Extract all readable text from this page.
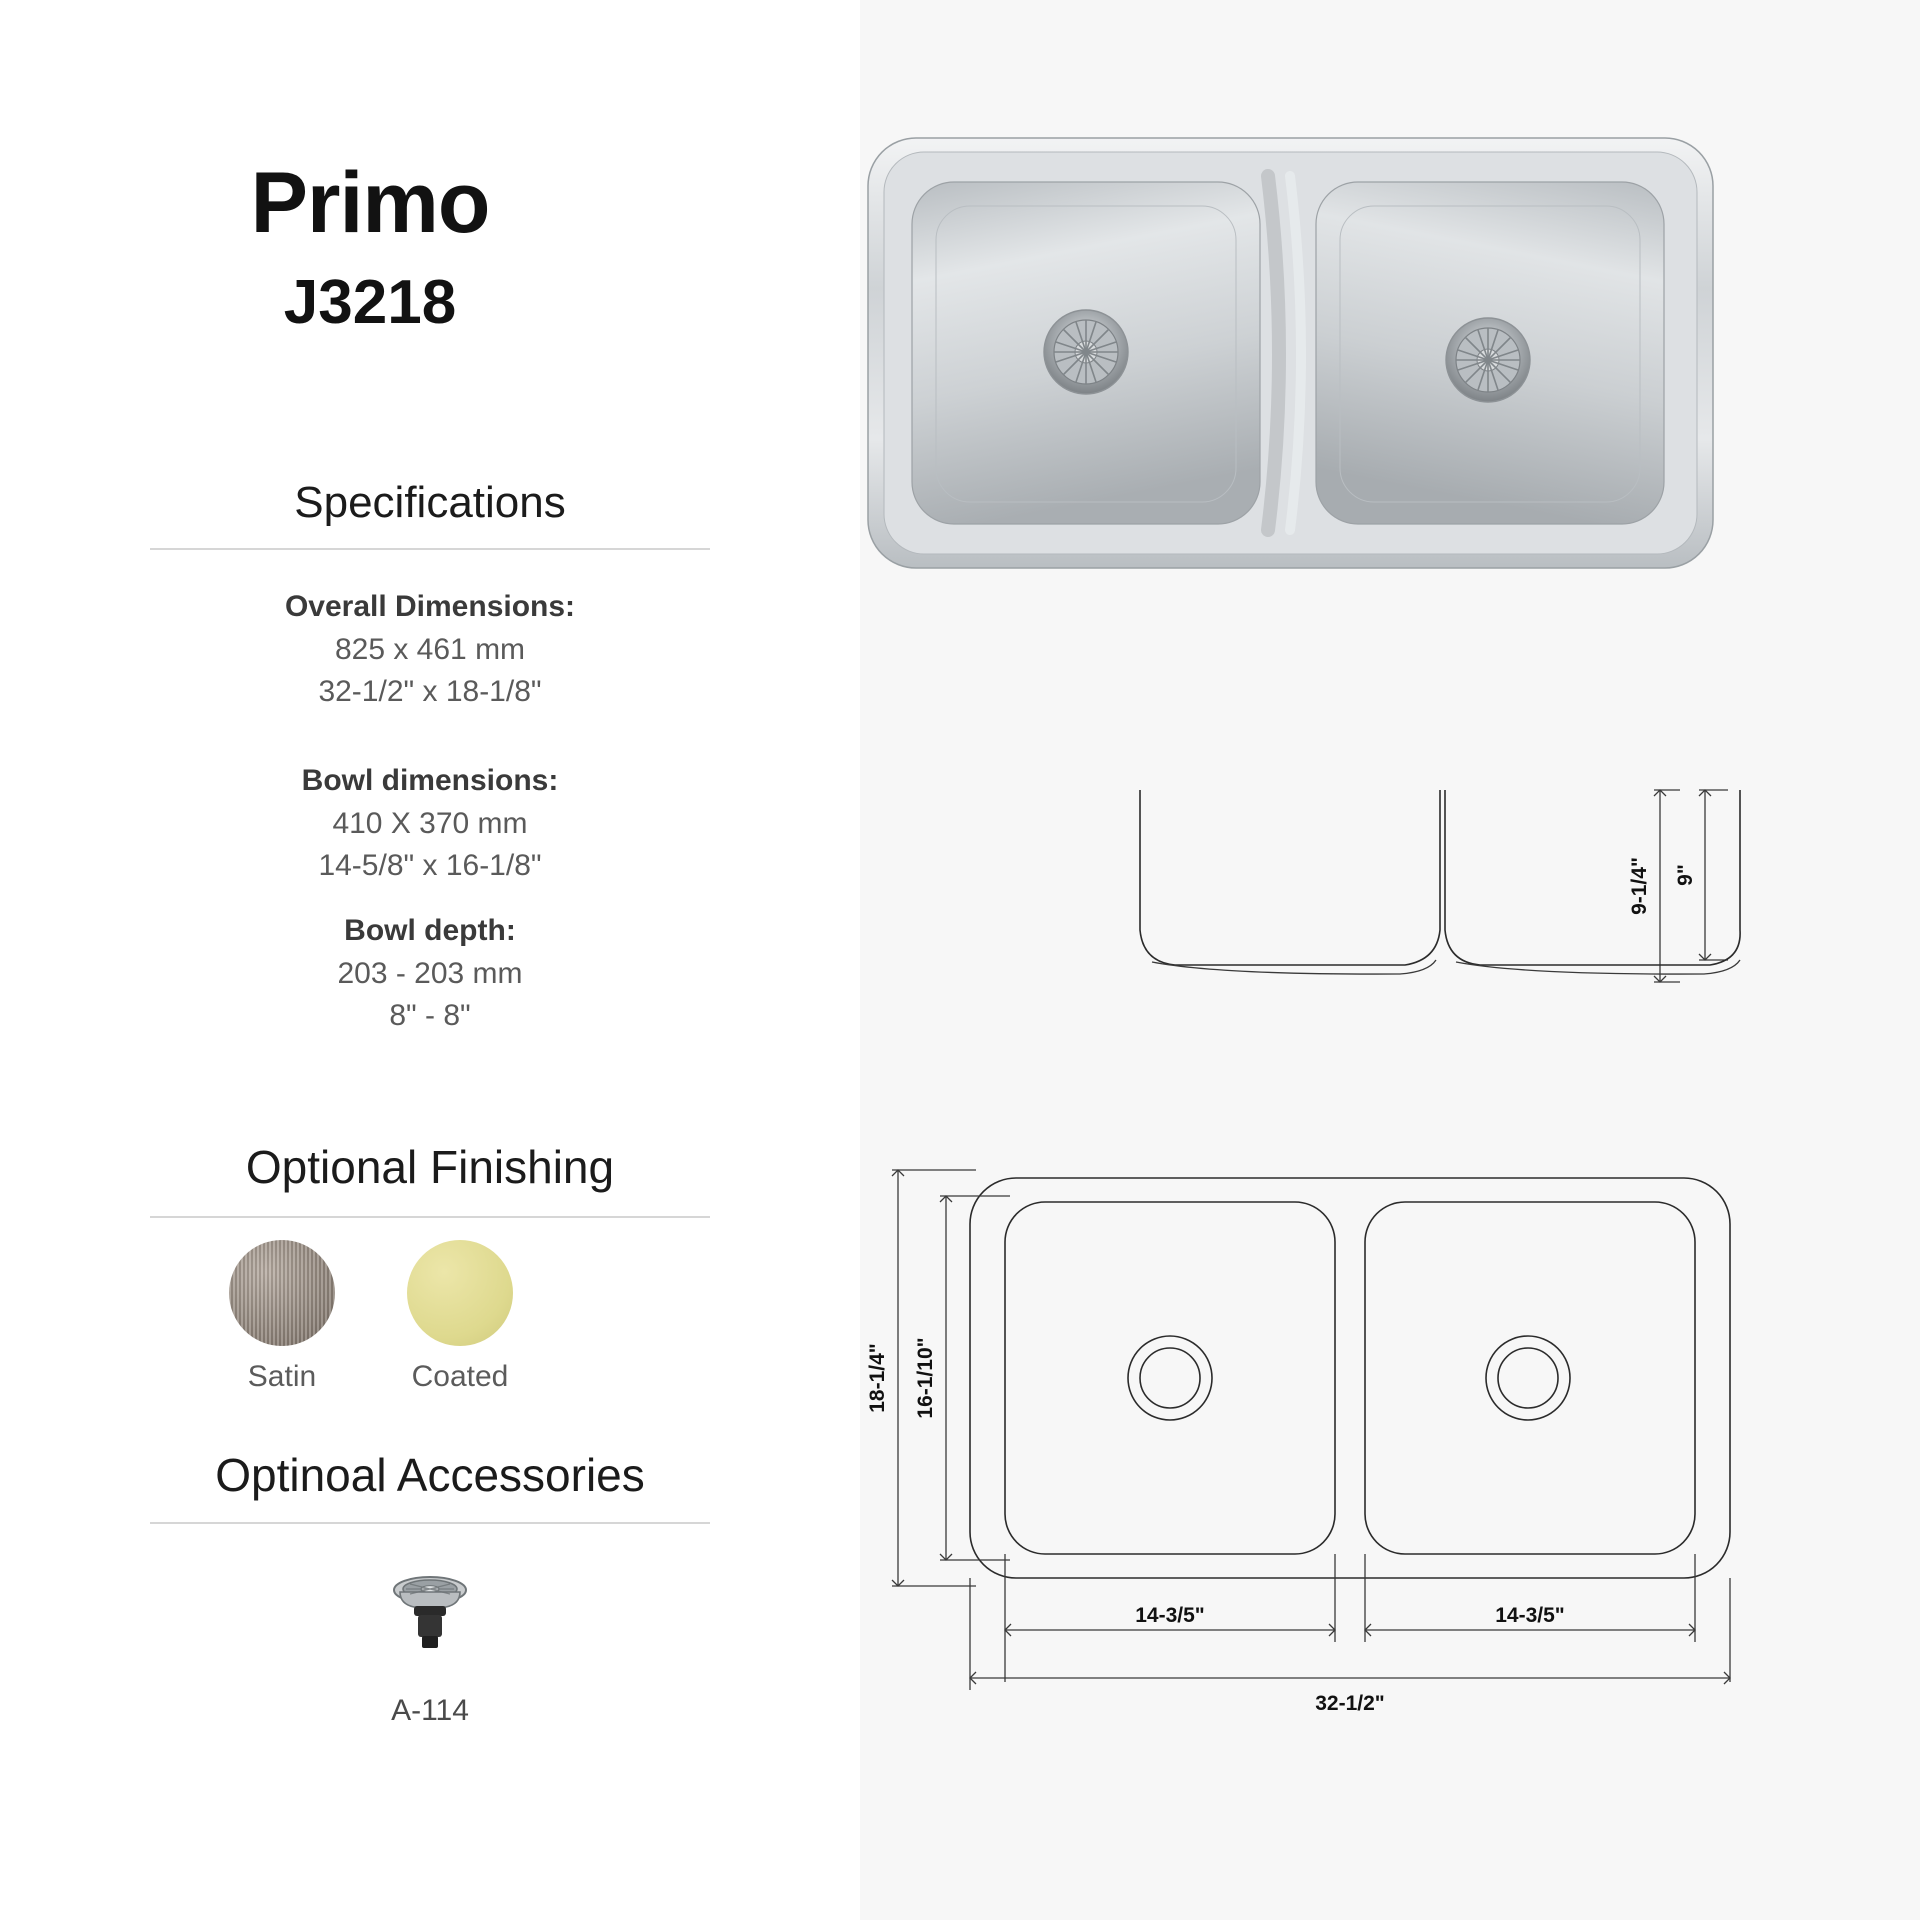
Primo
J3218
Specifications
Overall Dimensions:
825 x 461 mm
32-1/2" x 18-1/8"
Bowl dimensions:
410 X 370 mm
14-5/8" x 16-1/8"
Bowl depth:
203 - 203 mm
8" - 8"
Optional Finishing
Satin	Coated
Optinoal Accessories
A-114
9-1/4" 9"
18-1/4" 16-1/10"
14-3/5"	14-3/5"
32-1/2"
